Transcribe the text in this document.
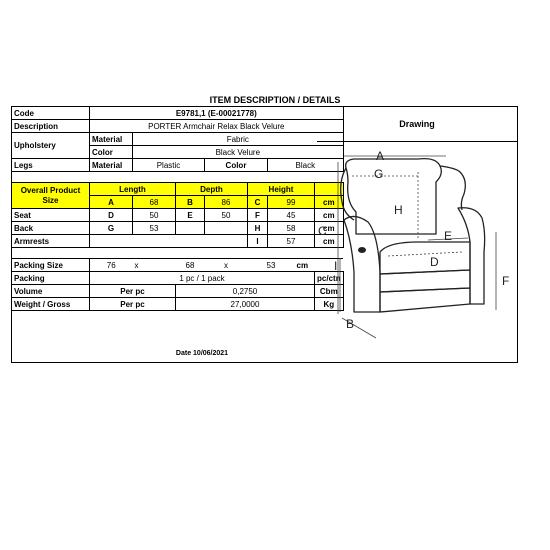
ITEM DESCRIPTION / DETAILS
Code	E9781,1 (E-00021778)							
Description	PORTER Armchair Relax Black Velure							
Upholstery	Material	Fabric						
	Color	Black Velure						
Legs	Material	Plastic		Color		Black		

Overall Product Size	Length		Depth		Height			
	A	68	B	86	C	99		cm
Seat	D	50	E	50	F	45		cm
Back	G	53			H	58		cm
Armrests					I	57		cm

Packing Size	76	x	68	x	53		cm	
Packing	1 pc / 1 pack							pc/ctn
Volume	Per pc		0,2750					Cbm
Weight / Gross	Per pc		27,0000					Kg
Date 10/06/2021
Drawing
A
G
H
C
I	D
E
F
B
